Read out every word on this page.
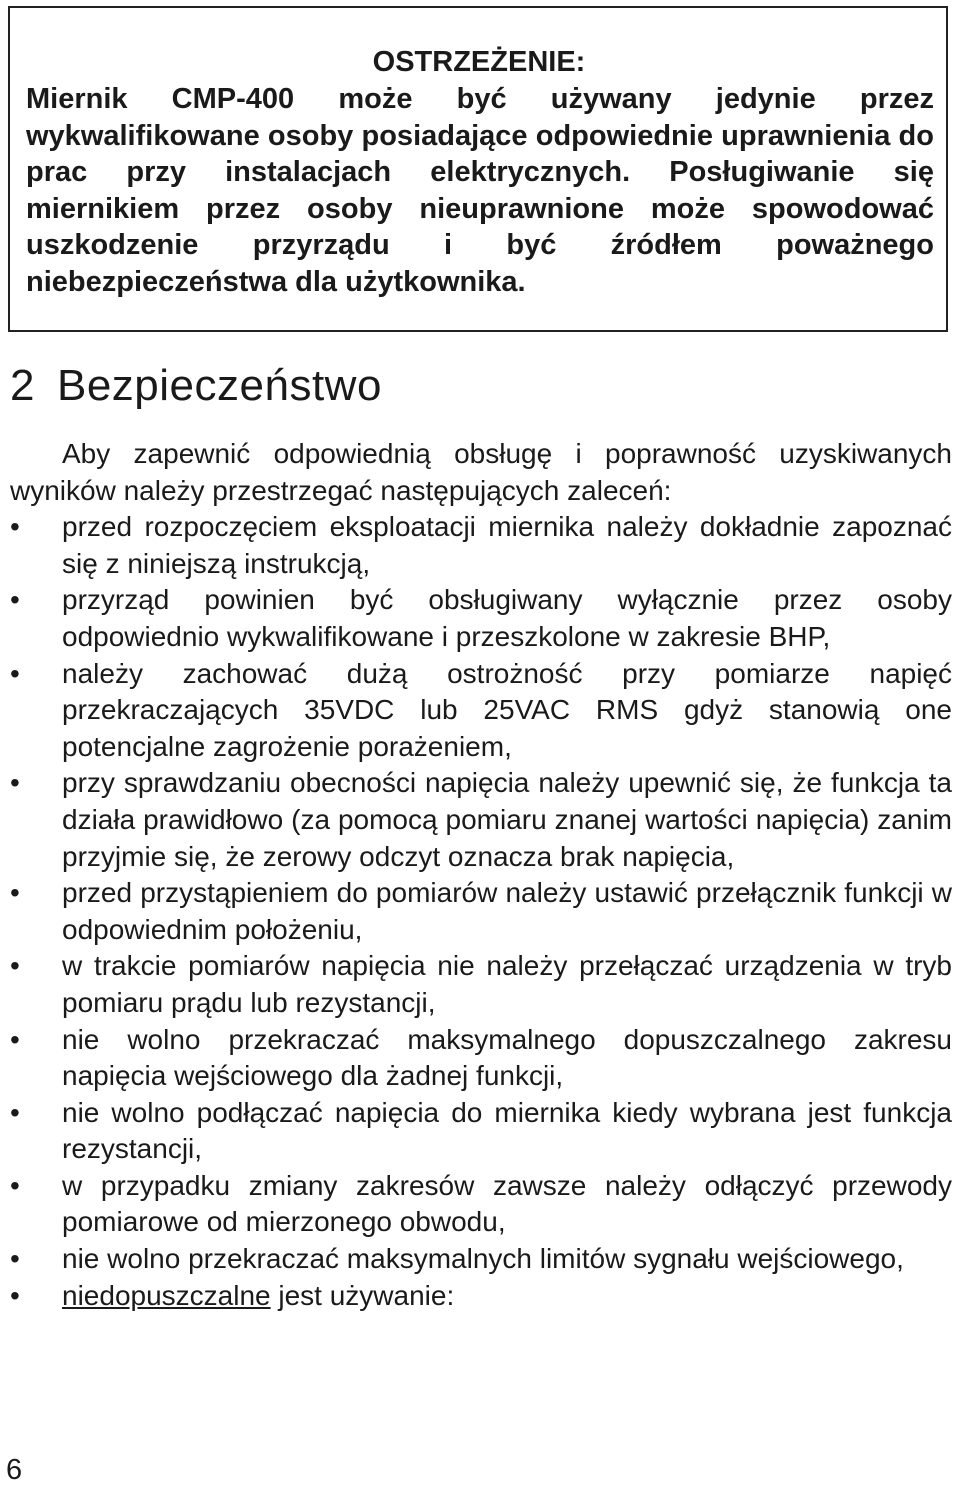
OSTRZEŻENIE:

Miernik CMP-400 może być używany jedynie przez wykwalifikowane osoby posiadające odpowiednie uprawnienia do prac przy instalacjach elektrycznych. Posługiwanie się miernikiem przez osoby nieuprawnione może spowodować uszkodzenie przyrządu i być źródłem poważnego niebezpieczeństwa dla użytkownika.

2 Bezpieczeństwo

Aby zapewnić odpowiednią obsługę i poprawność uzyskiwanych wyników należy przestrzegać następujących zaleceń:

• przed rozpoczęciem eksploatacji miernika należy dokładnie zapoznać się z niniejszą instrukcją,
• przyrząd powinien być obsługiwany wyłącznie przez osoby odpowiednio wykwalifikowane i przeszkolone w zakresie BHP,
• należy zachować dużą ostrożność przy pomiarze napięć przekraczających 35VDC lub 25VAC RMS gdyż stanowią one potencjalne zagrożenie porażeniem,
• przy sprawdzaniu obecności napięcia należy upewnić się, że funkcja ta działa prawidłowo (za pomocą pomiaru znanej wartości napięcia) zanim przyjmie się, że zerowy odczyt oznacza brak napięcia,
• przed przystąpieniem do pomiarów należy ustawić przełącznik funkcji w odpowiednim położeniu,
• w trakcie pomiarów napięcia nie należy przełączać urządzenia w tryb pomiaru prądu lub rezystancji,
• nie wolno przekraczać maksymalnego dopuszczalnego zakresu napięcia wejściowego dla żadnej funkcji,
• nie wolno podłączać napięcia do miernika kiedy wybrana jest funkcja rezystancji,
• w przypadku zmiany zakresów zawsze należy odłączyć przewody pomiarowe od mierzonego obwodu,
• nie wolno przekraczać maksymalnych limitów sygnału wejściowego,
• niedopuszczalne jest używanie:
6
